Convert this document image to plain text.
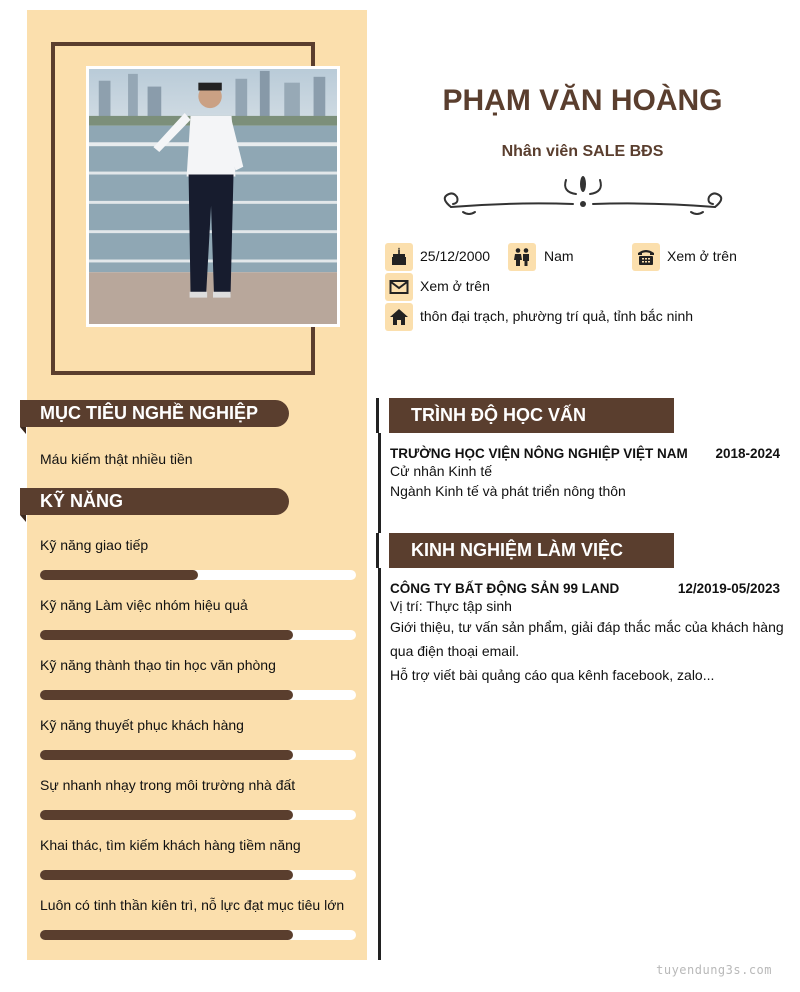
MỤC TIÊU NGHỀ NGHIỆP
Máu kiếm thật nhiều tiền
KỸ NĂNG
Kỹ năng giao tiếp
Kỹ năng Làm việc nhóm hiệu quả
Kỹ năng thành thạo tin học văn phòng
Kỹ năng thuyết phục khách hàng
Sự nhanh nhạy trong môi trường nhà đất
Khai thác, tìm kiếm khách hàng tiềm năng
Luôn có tinh thần kiên trì, nỗ lực đạt mục tiêu lớn
PHẠM VĂN HOÀNG
Nhân viên SALE BĐS
25/12/2000	Nam	Xem ở trên
Xem ở trên
thôn đại trạch, phường trí quả, tỉnh bắc ninh
TRÌNH ĐỘ HỌC VẤN
TRƯỜNG HỌC VIỆN NÔNG NGHIỆP VIỆT NAM 2018-2024
Cử nhân Kinh tế
Ngành Kinh tế và phát triển nông thôn
KINH NGHIỆM LÀM VIỆC
CÔNG TY BẤT ĐỘNG SẢN 99 LAND	12/2019-05/2023
Vị trí: Thực tập sinh
Giới thiệu, tư vấn sản phẩm, giải đáp thắc mắc của khách hàng
qua điện thoại email.
Hỗ trợ viết bài quảng cáo qua kênh facebook, zalo...
tuyendung3s.com
